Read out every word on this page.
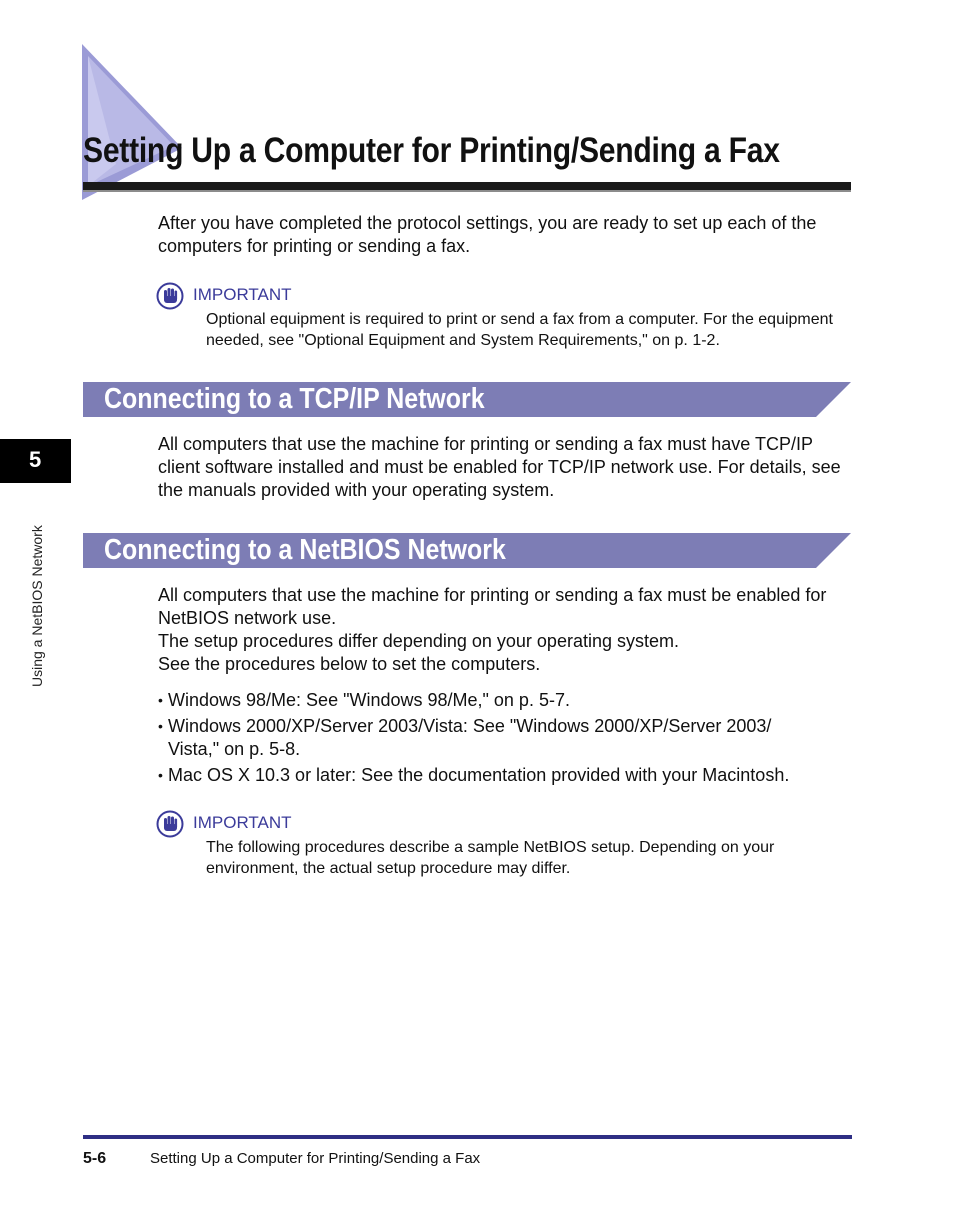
Setting Up a Computer for Printing/Sending a Fax

After you have completed the protocol settings, you are ready to set up each of the computers for printing or sending a fax.

IMPORTANT

Optional equipment is required to print or send a fax from a computer. For the equipment needed, see "Optional Equipment and System Requirements," on p. 1-2.

Connecting to a TCP/IP Network

All computers that use the machine for printing or sending a fax must have TCP/IP client software installed and must be enabled for TCP/IP network use. For details, see the manuals provided with your operating system.

Connecting to a NetBIOS Network

All computers that use the machine for printing or sending a fax must be enabled for NetBIOS network use.

The setup procedures differ depending on your operating system.

See the procedures below to set the computers.

• Windows 98/Me: See "Windows 98/Me," on p. 5-7.
• Windows 2000/XP/Server 2003/Vista: See "Windows 2000/XP/Server 2003/ Vista," on p. 5-8.
• Mac OS X 10.3 or later: See the documentation provided with your Macintosh.
IMPORTANT

The following procedures describe a sample NetBIOS setup. Depending on your environment, the actual setup procedure may differ.

5
Using a NetBIOS Network
5-6	Setting Up a Computer for Printing/Sending a Fax
